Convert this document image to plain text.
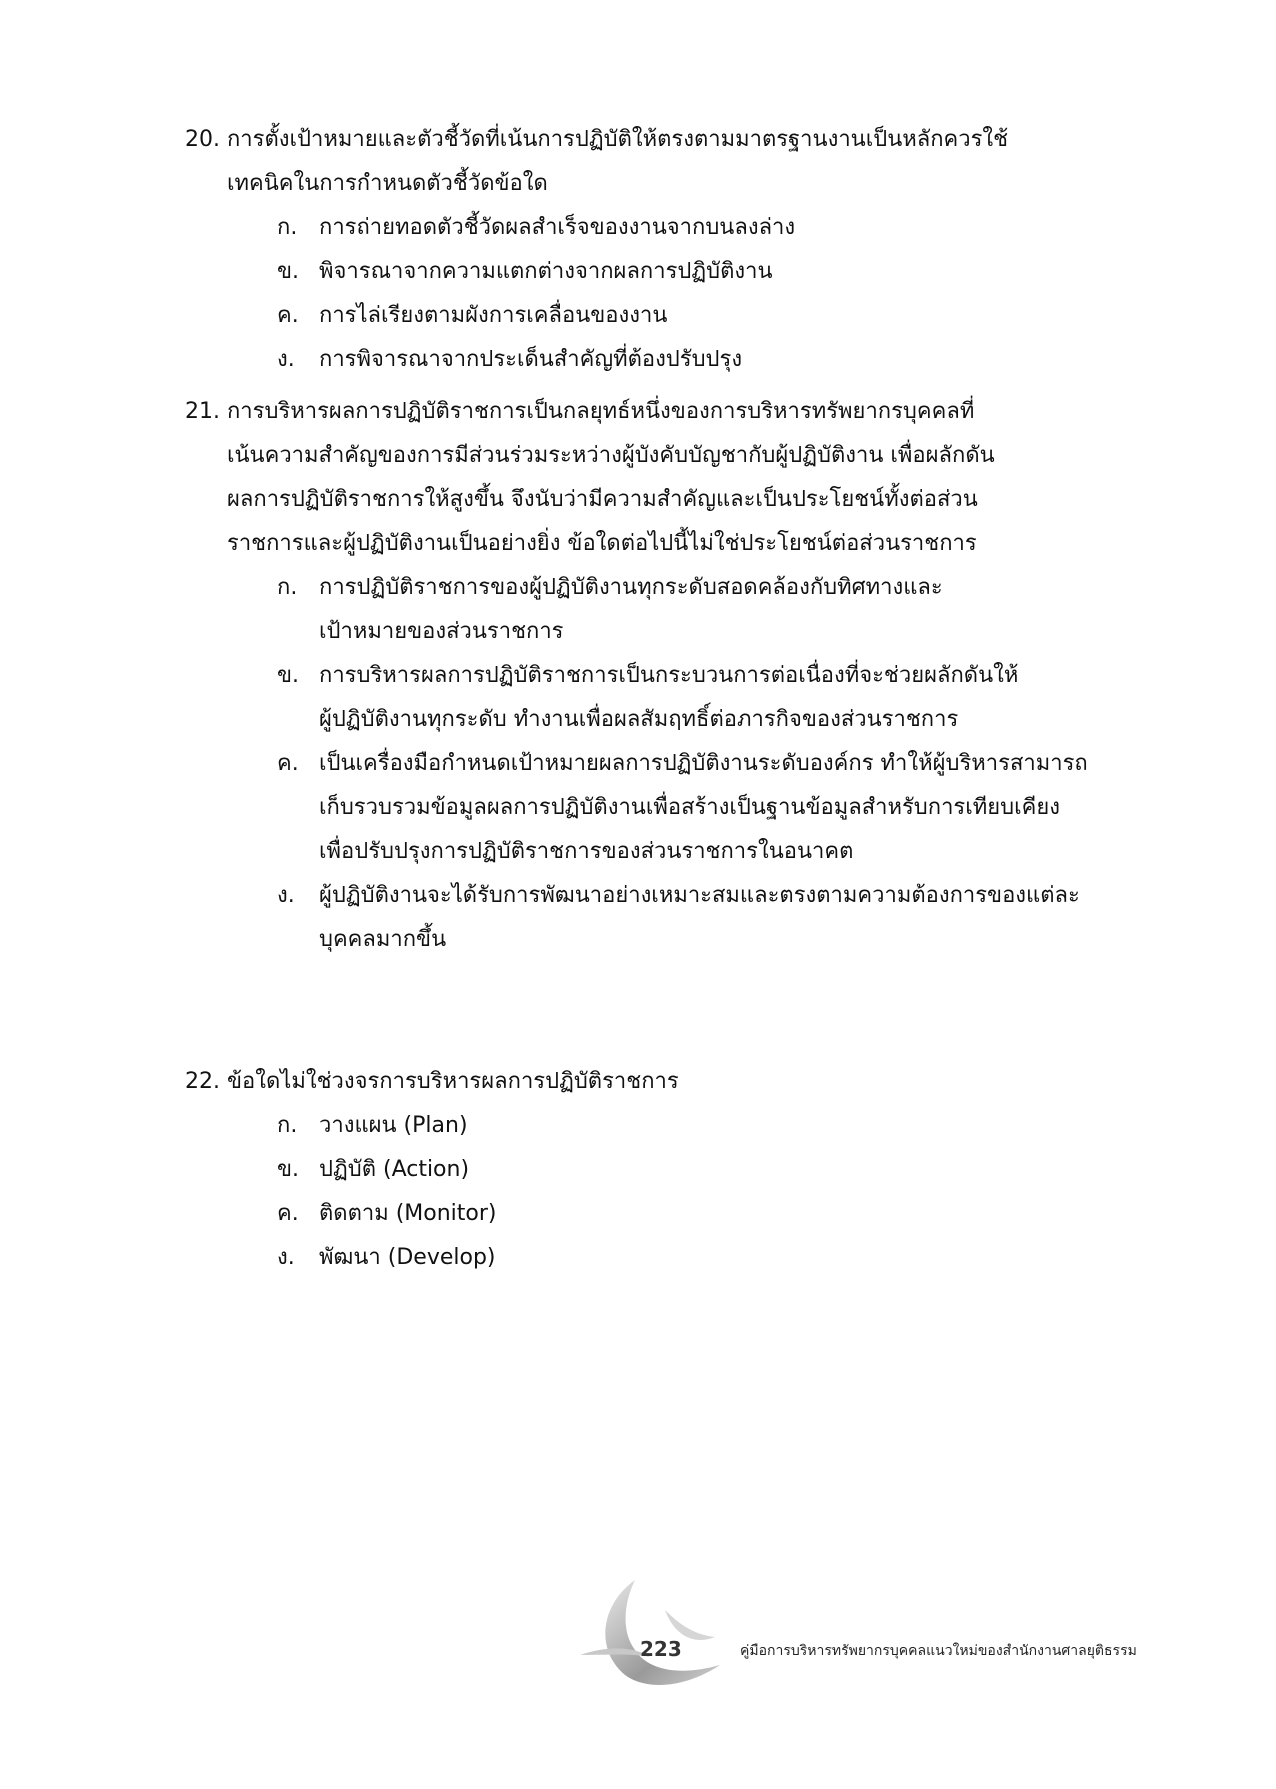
20. การตั้งเป้าหมายและตัวชี้วัดที่เน้นการปฏิบัติให้ตรงตามมาตรฐานงานเป็นหลักควรใช้
เทคนิคในการกำหนดตัวชี้วัดข้อใด
ก. การถ่ายทอดตัวชี้วัดผลสำเร็จของงานจากบนลงล่าง
ข. พิจารณาจากความแตกต่างจากผลการปฏิบัติงาน
ค. การไล่เรียงตามผังการเคลื่อนของงาน
ง.	การพิจารณาจากประเด็นสำคัญที่ต้องปรับปรุง
21. การบริหารผลการปฏิบัติราชการเป็นกลยุทธ์หนึ่งของการบริหารทรัพยากรบุคคลที่
เน้นความสำคัญของการมีส่วนร่วมระหว่างผู้บังคับบัญชากับผู้ปฏิบัติงาน เพื่อผลักดัน
ผลการปฏิบัติราชการให้สูงขึ้น จึงนับว่ามีความสำคัญและเป็นประโยชน์ทั้งต่อส่วน
ราชการและผู้ปฏิบัติงานเป็นอย่างยิ่ง ข้อใดต่อไปนี้ไม่ใช่ประโยชน์ต่อส่วนราชการ
ก. การปฏิบัติราชการของผู้ปฏิบัติงานทุกระดับสอดคล้องกับทิศทางและ
เป้าหมายของส่วนราชการ
ข. การบริหารผลการปฏิบัติราชการเป็นกระบวนการต่อเนื่องที่จะช่วยผลักดันให้
ผู้ปฏิบัติงานทุกระดับ ทำงานเพื่อผลสัมฤทธิ์ต่อภารกิจของส่วนราชการ
ค. เป็นเครื่องมือกำหนดเป้าหมายผลการปฏิบัติงานระดับองค์กร ทำให้ผู้บริหารสามารถ
เก็บรวบรวมข้อมูลผลการปฏิบัติงานเพื่อสร้างเป็นฐานข้อมูลสำหรับการเทียบเคียง
เพื่อปรับปรุงการปฏิบัติราชการของส่วนราชการในอนาคต
ง.	ผู้ปฏิบัติงานจะได้รับการพัฒนาอย่างเหมาะสมและตรงตามความต้องการของแต่ละ
บุคคลมากขึ้น
22. ข้อใดไม่ใช่วงจรการบริหารผลการปฏิบัติราชการ
ก. วางแผน (Plan)
ข. ปฏิบัติ (Action)
ค. ติดตาม (Monitor)
ง.	พัฒนา (Develop)
223	คู่มือการบริหารทรัพยากรบุคคลแนวใหม่ของสำนักงานศาลยุติธรรม
